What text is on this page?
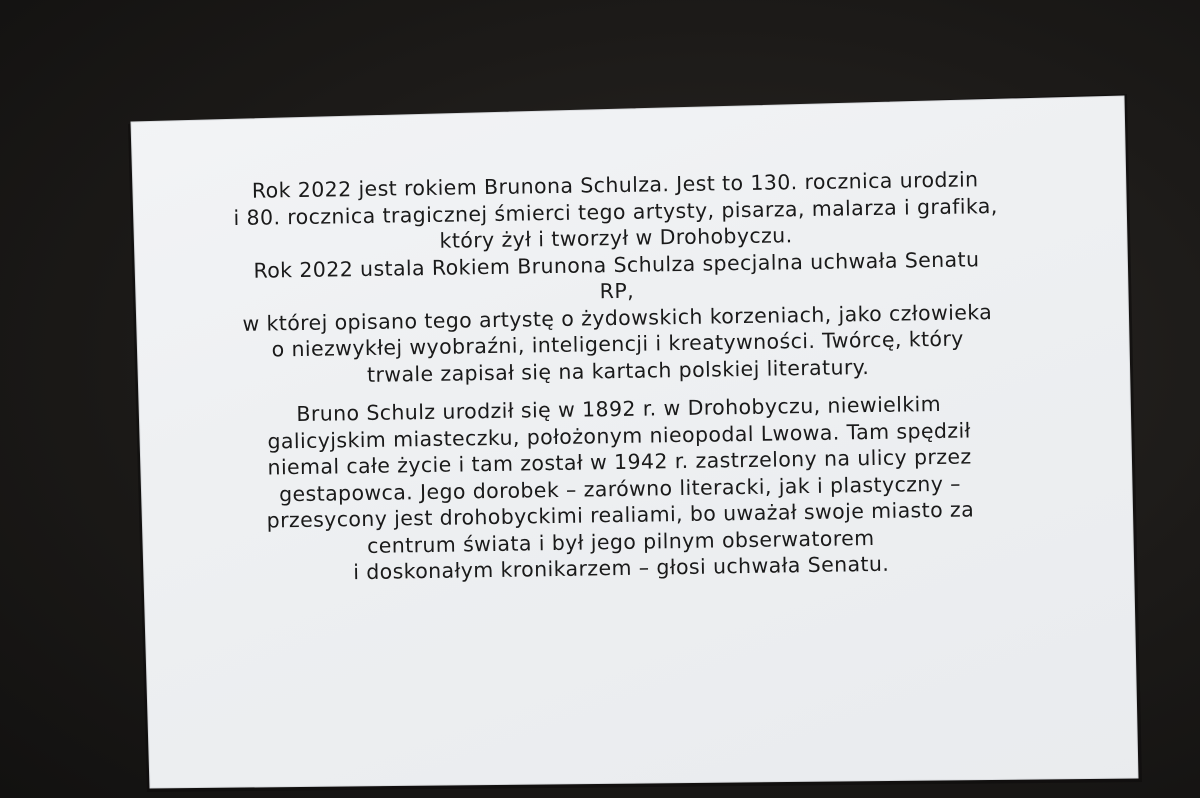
Rok 2022 jest rokiem Brunona Schulza. Jest to 130. rocznica urodzin
i 80. rocznica tragicznej śmierci tego artysty, pisarza, malarza i grafika,
który żył i tworzył w Drohobyczu.
Rok 2022 ustala Rokiem Brunona Schulza specjalna uchwała Senatu
RP,
w której opisano tego artystę o żydowskich korzeniach, jako człowieka
o niezwykłej wyobraźni, inteligencji i kreatywności. Twórcę, który
trwale zapisał się na kartach polskiej literatury.
Bruno Schulz urodził się w 1892 r. w Drohobyczu, niewielkim
galicyjskim miasteczku, położonym nieopodal Lwowa. Tam spędził
niemal całe życie i tam został w 1942 r. zastrzelony na ulicy przez
gestapowca. Jego dorobek – zarówno literacki, jak i plastyczny –
przesycony jest drohobyckimi realiami, bo uważał swoje miasto za
centrum świata i był jego pilnym obserwatorem
i doskonałym kronikarzem – głosi uchwała Senatu.
